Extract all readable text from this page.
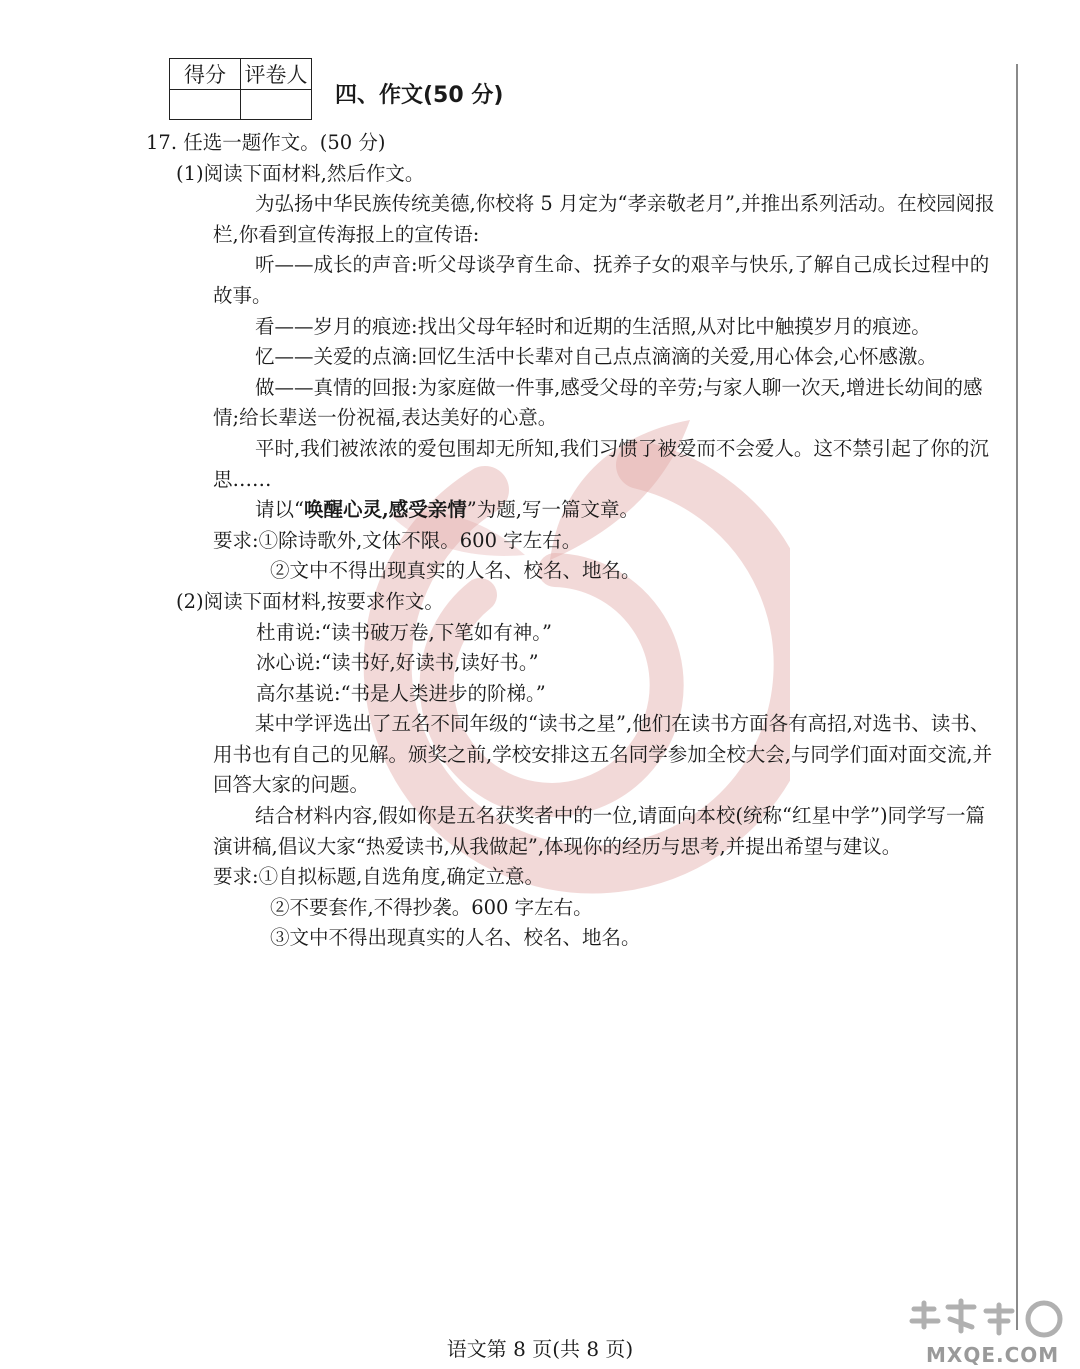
得分	评卷人

四、作文(50 分)

17. 任选一题作文。(50 分)

(1)阅读下面材料,然后作文。

为弘扬中华民族传统美德,你校将 5 月定为“孝亲敬老月”,并推出系列活动。在校园阅报栏,你看到宣传海报上的宣传语:

听——成长的声音:听父母谈孕育生命、抚养子女的艰辛与快乐,了解自己成长过程中的故事。

看——岁月的痕迹:找出父母年轻时和近期的生活照,从对比中触摸岁月的痕迹。

忆——关爱的点滴:回忆生活中长辈对自己点点滴滴的关爱,用心体会,心怀感激。

做——真情的回报:为家庭做一件事,感受父母的辛劳;与家人聊一次天,增进长幼间的感情;给长辈送一份祝福,表达美好的心意。

平时,我们被浓浓的爱包围却无所知,我们习惯了被爱而不会爱人。这不禁引起了你的沉思……

请以“唤醒心灵,感受亲情”为题,写一篇文章。

要求:①除诗歌外,文体不限。600 字左右。

②文中不得出现真实的人名、校名、地名。

(2)阅读下面材料,按要求作文。

杜甫说:“读书破万卷,下笔如有神。”

冰心说:“读书好,好读书,读好书。”

高尔基说:“书是人类进步的阶梯。”

某中学评选出了五名不同年级的“读书之星”,他们在读书方面各有高招,对选书、读书、用书也有自己的见解。颁奖之前,学校安排这五名同学参加全校大会,与同学们面对面交流,并回答大家的问题。

结合材料内容,假如你是五名获奖者中的一位,请面向本校(统称“红星中学”)同学写一篇演讲稿,倡议大家“热爱读书,从我做起”,体现你的经历与思考,并提出希望与建议。

要求:①自拟标题,自选角度,确定立意。

②不要套作,不得抄袭。600 字左右。

③文中不得出现真实的人名、校名、地名。

语文第 8 页(共 8 页)	MXQE.COM
